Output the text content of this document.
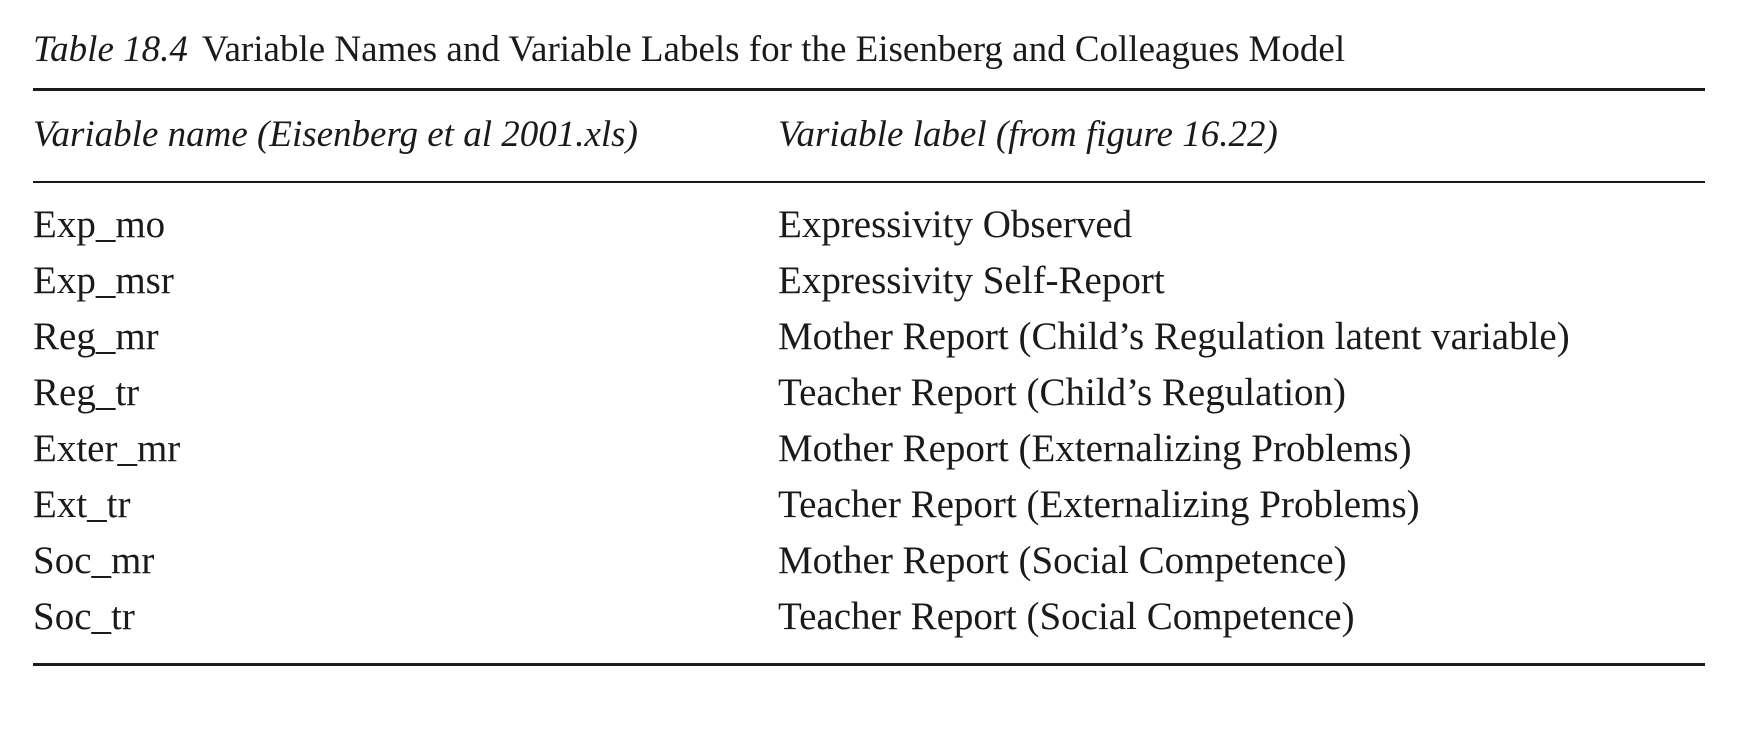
Table 18.4 Variable Names and Variable Labels for the Eisenberg and Colleagues Model

Variable name (Eisenberg et al 2001.xls)	Variable label (from figure 16.22)
Exp_mo	Expressivity Observed
Exp_msr	Expressivity Self-Report
Reg_mr	Mother Report (Child’s Regulation latent variable)
Reg_tr	Teacher Report (Child’s Regulation)
Exter_mr	Mother Report (Externalizing Problems)
Ext_tr	Teacher Report (Externalizing Problems)
Soc_mr	Mother Report (Social Competence)
Soc_tr	Teacher Report (Social Competence)
